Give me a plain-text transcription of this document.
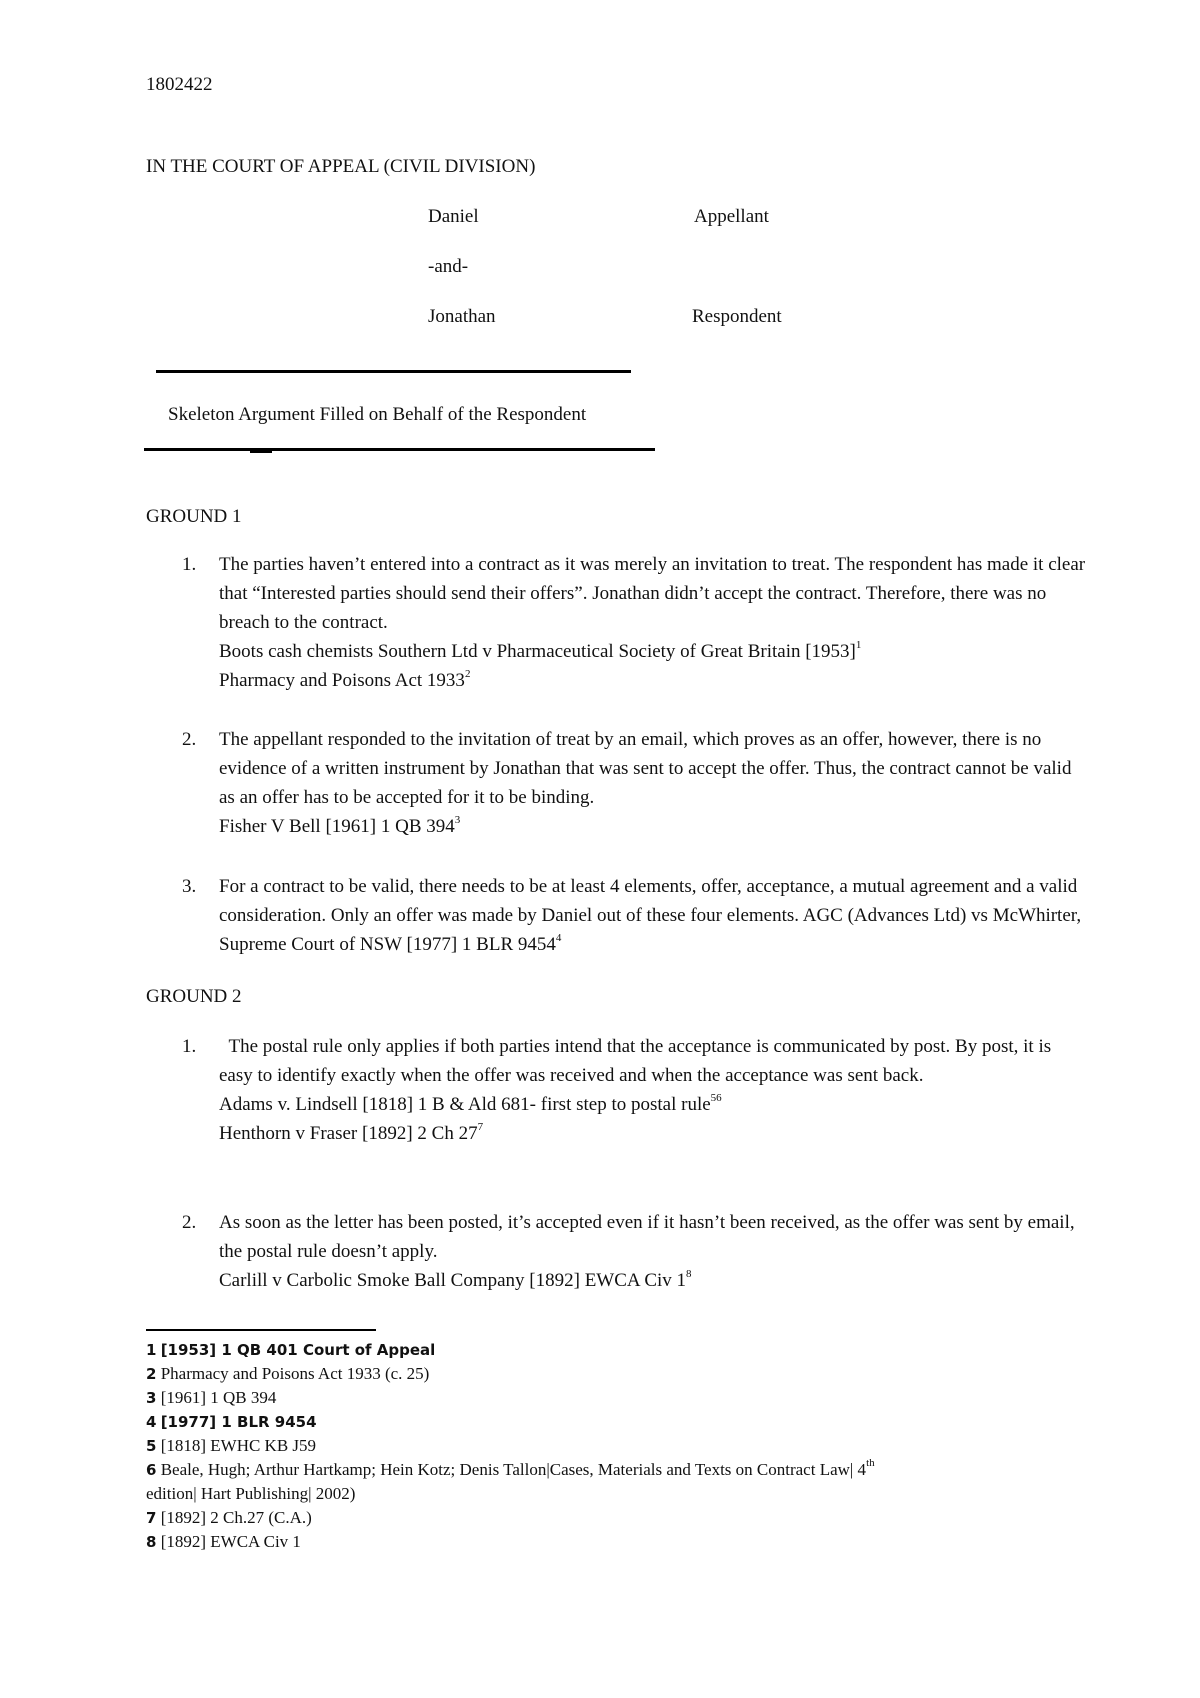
1802422

IN THE COURT OF APPEAL (CIVIL DIVISION)

Daniel	Appellant

-and-

Jonathan	Respondent

Skeleton Argument Filled on Behalf of the Respondent

GROUND 1

1. The parties haven’t entered into a contract as it was merely an invitation to treat. The respondent has made it clear that “Interested parties should send their offers”. Jonathan didn’t accept the contract. Therefore, there was no breach to the contract.
Boots cash chemists Southern Ltd v Pharmaceutical Society of Great Britain $[1953]^1$
Pharmacy and Poisons Act 1933$^2$
2. The appellant responded to the invitation of treat by an email, which proves as an offer, however, there is no evidence of a written instrument by Jonathan that was sent to accept the offer. Thus, the contract cannot be valid as an offer has to be accepted for it to be binding.
Fisher V Bell [1961] 1 QB $394^3$
3. For a contract to be valid, there needs to be at least 4 elements, offer, acceptance, a mutual agreement and a valid consideration. Only an offer was made by Daniel out of these four elements. AGC (Advances Ltd) vs McWhirter, Supreme Court of NSW [1977] 1 BLR 9454$^4$

GROUND 2

1. The postal rule only applies if both parties intend that the acceptance is communicated by post. By post, it is easy to identify exactly when the offer was received and when the acceptance was sent back.
Adams v. Lindsell [1818] 1 B & Ald 681- first step to postal rule$^{56}$
Henthorn v Fraser [1892] 2 Ch $27^7$
2. As soon as the letter has been posted, it’s accepted even if it hasn’t been received, as the offer was sent by email, the postal rule doesn’t apply.
Carlill v Carbolic Smoke Ball Company [1892] EWCA Civ $1^8$
1 [1953] 1 QB 401 Court of Appeal
2 Pharmacy and Poisons Act 1933 (c. 25)
3 [1961] 1 QB 394
4 [1977] 1 BLR 9454
5 [1818] EWHC KB J59
6 Beale, Hugh; Arthur Hartkamp; Hein Kotz; Denis Tallon|Cases, Materials and Texts on Contract Law| 4th
edition| Hart Publishing| 2002)
7 [1892] 2 Ch.27 (C.A.)
8 [1892] EWCA Civ 1
